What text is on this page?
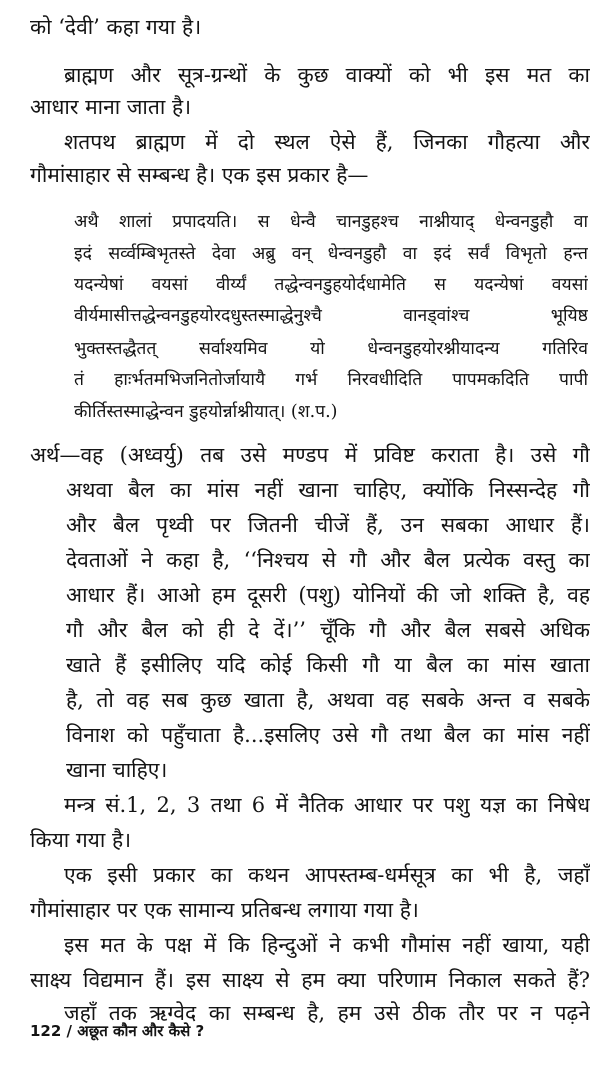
को ‘देवी’ कहा गया है।
ब्राह्मण और सूत्र-ग्रन्थों के कुछ वाक्यों को भी इस मत का
आधार माना जाता है।
शतपथ ब्राह्मण में दो स्थल ऐसे हैं, जिनका गौहत्या और
गौमांसाहार से सम्बन्ध है। एक इस प्रकार है—
अथै शालां प्रपादयति। स धेन्वै चानडुहश्च नाश्नीयाद् धेन्वनडुहौ वा
इदं सर्व्वम्बिभृतस्ते देवा अब्रु वन् धेन्वनडुहौ वा इदं सर्वं विभृतो हन्त
यदन्येषां वयसां वीर्य्यं तद्धेन्वनडुहयोर्दधामेति स यदन्येषां वयसां
वीर्यमासीत्तद्धेन्वनडुहयोरदधुस्तस्माद्धेनुश्चै वानड्वांश्च भूयिष्ठ
भुक्तस्तद्धैतत् सर्वाश्यमिव यो धेन्वनडुहयोरश्नीयादन्य गतिरिव
तं हाःर्भतमभिजनितोर्जायायै गर्भ निरवधीदिति पापमकदिति पापी
कीर्तिस्तस्माद्धेन्वन डुहयोर्न्नाश्नीयात्। (श.प.)
अर्थ—वह (अध्वर्यु) तब उसे मण्डप में प्रविष्ट कराता है। उसे गौ
अथवा बैल का मांस नहीं खाना चाहिए, क्योंकि निस्सन्देह गौ
और बैल पृथ्वी पर जितनी चीजें हैं, उन सबका आधार हैं।
देवताओं ने कहा है, ‘‘निश्चय से गौ और बैल प्रत्येक वस्तु का
आधार हैं। आओ हम दूसरी (पशु) योनियों की जो शक्ति है, वह
गौ और बैल को ही दे दें।’’ चूँकि गौ और बैल सबसे अधिक
खाते हैं इसीलिए यदि कोई किसी गौ या बैल का मांस खाता
है, तो वह सब कुछ खाता है, अथवा वह सबके अन्त व सबके
विनाश को पहुँचाता है...इसलिए उसे गौ तथा बैल का मांस नहीं
खाना चाहिए।
मन्त्र सं.1, 2, 3 तथा 6 में नैतिक आधार पर पशु यज्ञ का निषेध
किया गया है।
एक इसी प्रकार का कथन आपस्तम्ब-धर्मसूत्र का भी है, जहाँ
गौमांसाहार पर एक सामान्य प्रतिबन्ध लगाया गया है।
इस मत के पक्ष में कि हिन्दुओं ने कभी गौमांस नहीं खाया, यही
साक्ष्य विद्यमान हैं। इस साक्ष्य से हम क्या परिणाम निकाल सकते हैं?
जहाँ तक ऋग्वेद का सम्बन्ध है, हम उसे ठीक तौर पर न पढ़ने
122 / अछूत कौन और कैसे ?
